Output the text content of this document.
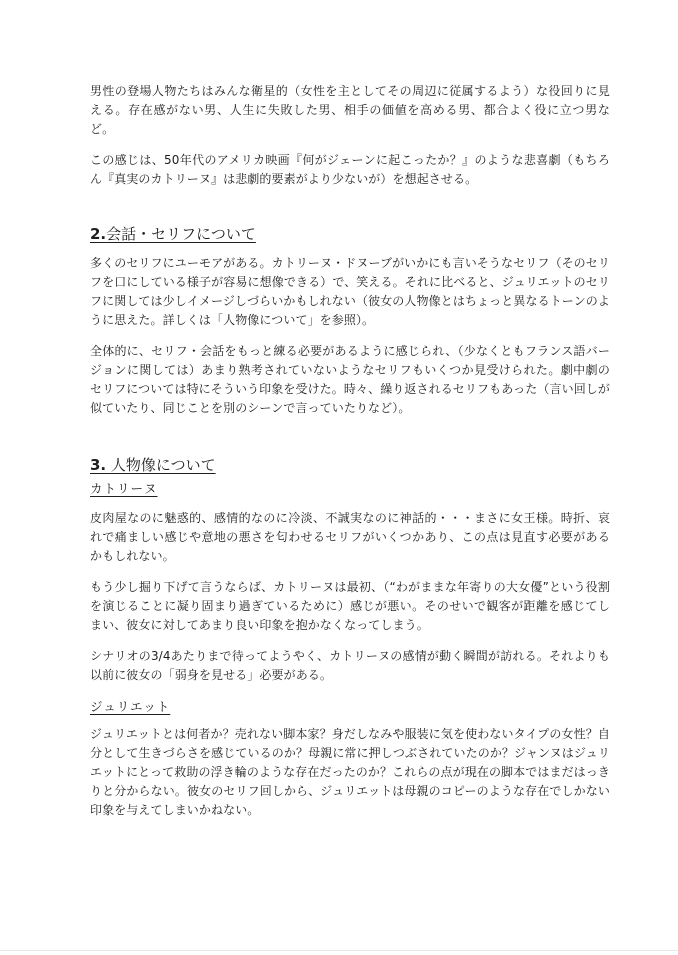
男性の登場人物たちはみんな衛星的（女性を主としてその周辺に従属するよう）な役回りに見える。存在感がない男、人生に失敗した男、相手の価値を高める男、都合よく役に立つ男など。

この感じは、50年代のアメリカ映画『何がジェーンに起こったか？』のような悲喜劇（もちろん『真実のカトリーヌ』は悲劇的要素がより少ないが）を想起させる。

2.会話・セリフについて

多くのセリフにユーモアがある。カトリーヌ・ドヌーブがいかにも言いそうなセリフ（そのセリフを口にしている様子が容易に想像できる）で、笑える。それに比べると、ジュリエットのセリフに関しては少しイメージしづらいかもしれない（彼女の人物像とはちょっと異なるトーンのように思えた。詳しくは「人物像について」を参照）。

全体的に、セリフ・会話をもっと練る必要があるように感じられ、（少なくともフランス語バージョンに関しては）あまり熟考されていないようなセリフもいくつか見受けられた。劇中劇のセリフについては特にそういう印象を受けた。時々、繰り返されるセリフもあった（言い回しが似ていたり、同じことを別のシーンで言っていたりなど）。

3. 人物像について
カトリーヌ

皮肉屋なのに魅惑的、感情的なのに冷淡、不誠実なのに神話的・・・まさに女王様。時折、哀れで痛ましい感じや意地の悪さを匂わせるセリフがいくつかあり、この点は見直す必要があるかもしれない。

もう少し掘り下げて言うならば、カトリーヌは最初、（“わがままな年寄りの大女優”という役割を演じることに凝り固まり過ぎているために）感じが悪い。そのせいで観客が距離を感じてしまい、彼女に対してあまり良い印象を抱かなくなってしまう。

シナリオの3/4あたりまで待ってようやく、カトリーヌの感情が動く瞬間が訪れる。それよりも以前に彼女の「弱身を見せる」必要がある。

ジュリエット

ジュリエットとは何者か？売れない脚本家？身だしなみや服装に気を使わないタイプの女性？自分として生きづらさを感じているのか？母親に常に押しつぶされていたのか？ジャンヌはジュリエットにとって救助の浮き輪のような存在だったのか？これらの点が現在の脚本ではまだはっきりと分からない。彼女のセリフ回しから、ジュリエットは母親のコピーのような存在でしかない印象を与えてしまいかねない。
